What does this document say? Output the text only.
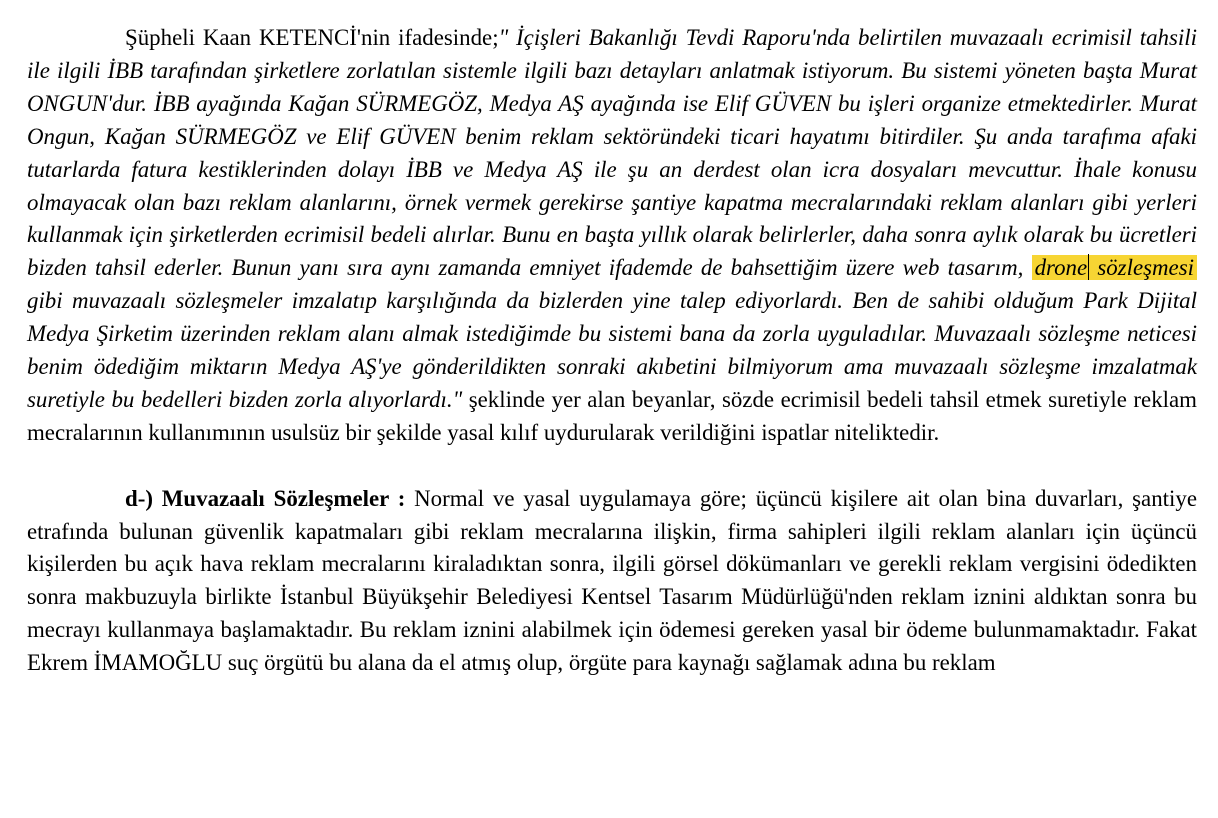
Şüpheli Kaan KETENCİ'nin ifadesinde;" İçişleri Bakanlığı Tevdi Raporu'nda belirtilen muvazaalı ecrimisil tahsili ile ilgili İBB tarafından şirketlere zorlatılan sistemle ilgili bazı detayları anlatmak istiyorum. Bu sistemi yöneten başta Murat ONGUN'dur. İBB ayağında Kağan SÜRMEGÖZ, Medya AŞ ayağında ise Elif GÜVEN bu işleri organize etmektedirler. Murat Ongun, Kağan SÜRMEGÖZ ve Elif GÜVEN benim reklam sektöründeki ticari hayatımı bitirdiler. Şu anda tarafıma afaki tutarlarda fatura kestiklerinden dolayı İBB ve Medya AŞ ile şu an derdest olan icra dosyaları mevcuttur. İhale konusu olmayacak olan bazı reklam alanlarını, örnek vermek gerekirse şantiye kapatma mecralarındaki reklam alanları gibi yerleri kullanmak için şirketlerden ecrimisil bedeli alırlar. Bunu en başta yıllık olarak belirlerler, daha sonra aylık olarak bu ücretleri bizden tahsil ederler. Bunun yanı sıra aynı zamanda emniyet ifademde de bahsettiğim üzere web tasarım, drone sözleşmesi gibi muvazaalı sözleşmeler imzalatıp karşılığında da bizlerden yine talep ediyorlardı. Ben de sahibi olduğum Park Dijital Medya Şirketim üzerinden reklam alanı almak istediğimde bu sistemi bana da zorla uyguladılar. Muvazaalı sözleşme neticesi benim ödediğim miktarın Medya AŞ'ye gönderildikten sonraki akıbetini bilmiyorum ama muvazaalı sözleşme imzalatmak suretiyle bu bedelleri bizden zorla alıyorlardı." şeklinde yer alan beyanlar, sözde ecrimisil bedeli tahsil etmek suretiyle reklam mecralarının kullanımının usulsüz bir şekilde yasal kılıf uydurularak verildiğini ispatlar niteliktedir.

d-) Muvazaalı Sözleşmeler : Normal ve yasal uygulamaya göre; üçüncü kişilere ait olan bina duvarları, şantiye etrafında bulunan güvenlik kapatmaları gibi reklam mecralarına ilişkin, firma sahipleri ilgili reklam alanları için üçüncü kişilerden bu açık hava reklam mecralarını kiraladıktan sonra, ilgili görsel dökümanları ve gerekli reklam vergisini ödedikten sonra makbuzuyla birlikte İstanbul Büyükşehir Belediyesi Kentsel Tasarım Müdürlüğü'nden reklam iznini aldıktan sonra bu mecrayı kullanmaya başlamaktadır. Bu reklam iznini alabilmek için ödemesi gereken yasal bir ödeme bulunmamaktadır. Fakat Ekrem İMAMOĞLU suç örgütü bu alana da el atmış olup, örgüte para kaynağı sağlamak adına bu reklam
